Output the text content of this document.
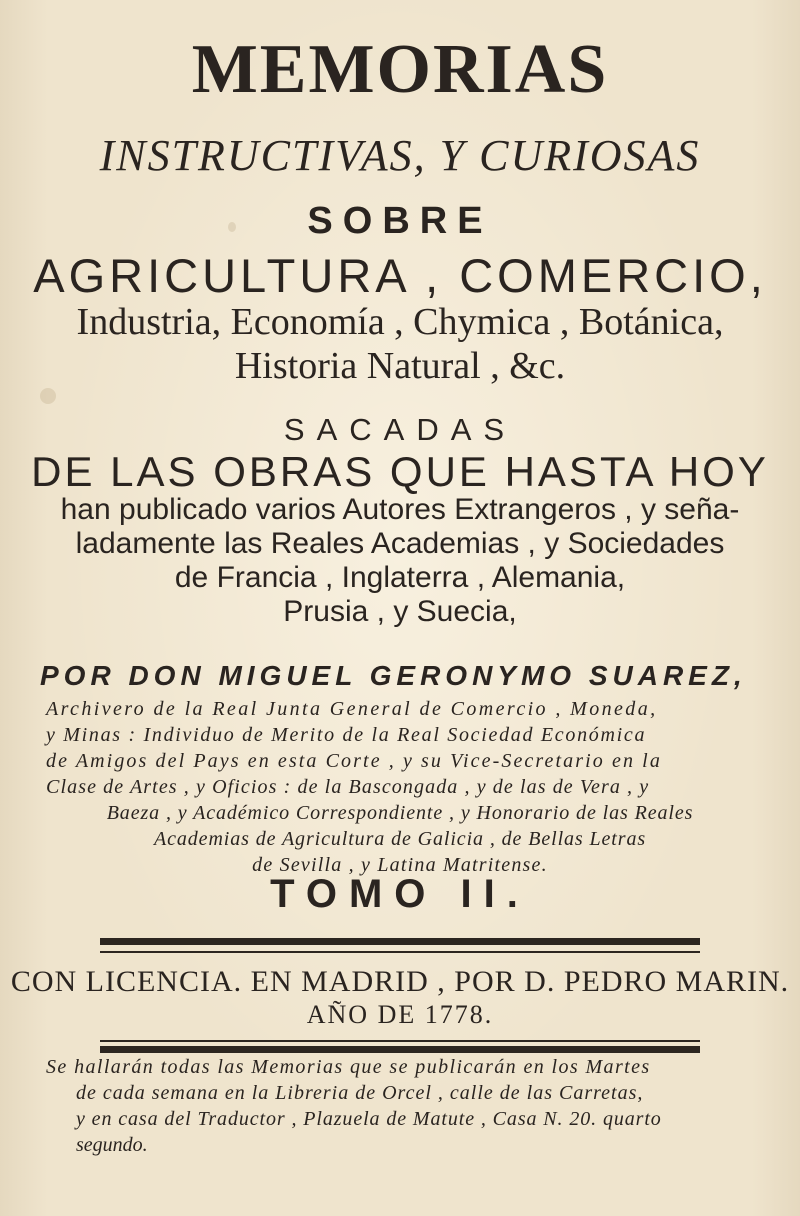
MEMORIAS
INSTRUCTIVAS, Y CURIOSAS
SOBRE
AGRICULTURA , COMERCIO,
Industria, Economía , Chymica , Botánica,
Historia Natural , &c.
SACADAS
DE LAS OBRAS QUE HASTA HOY
han publicado varios Autores Extrangeros , y seña-
ladamente las Reales Academias , y Sociedades
de Francia , Inglaterra , Alemania,
Prusia , y Suecia,
POR DON MIGUEL GERONYMO SUAREZ,
Archivero de la Real Junta General de Comercio , Moneda,
y Minas : Individuo de Merito de la Real Sociedad Económica
de Amigos del Pays en esta Corte , y su Vice-Secretario en la
Clase de Artes , y Oficios : de la Bascongada , y de las de Vera , y
Baeza , y Académico Correspondiente , y Honorario de las Reales
Academias de Agricultura de Galicia , de Bellas Letras
de Sevilla , y Latina Matritense.
TOMO II.
CON LICENCIA. EN MADRID , POR D. PEDRO MARIN.
AÑO DE 1778.
Se hallarán todas las Memorias que se publicarán en los Martes
de cada semana en la Libreria de Orcel , calle de las Carretas,
y en casa del Traductor , Plazuela de Matute , Casa N. 20. quarto
segundo.
